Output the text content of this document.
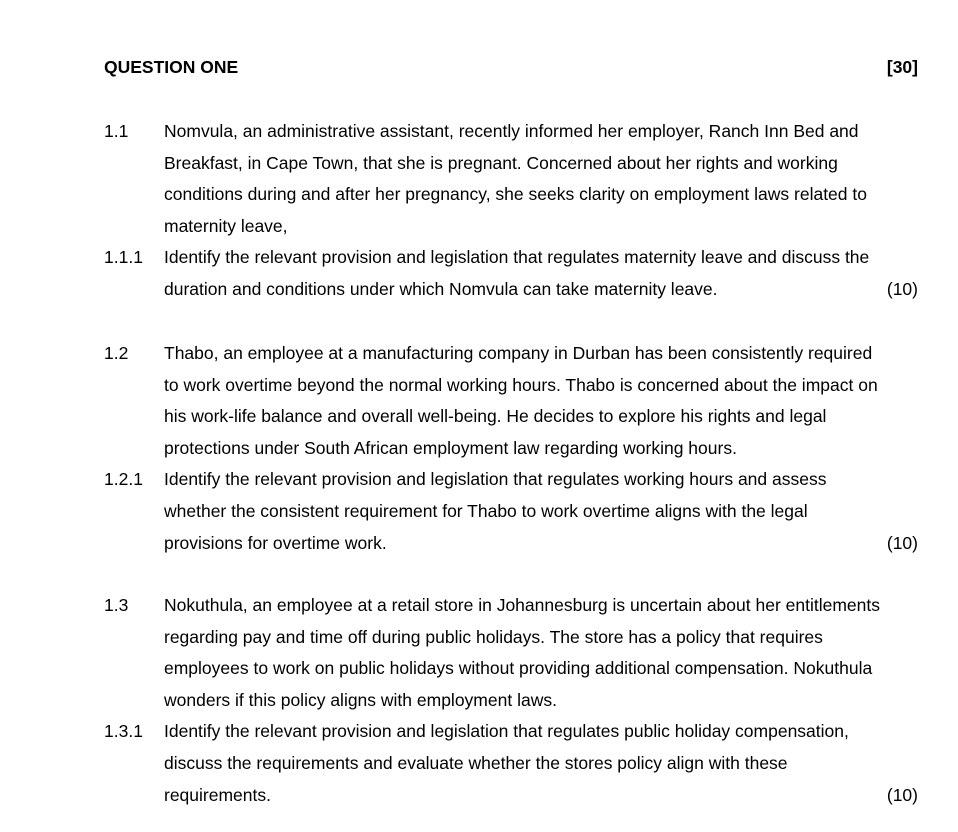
QUESTION ONE	[30]
1.1 Nomvula, an administrative assistant, recently informed her employer, Ranch Inn Bed and
Breakfast, in Cape Town, that she is pregnant. Concerned about her rights and working
conditions during and after her pregnancy, she seeks clarity on employment laws related to
maternity leave,
1.1.1 Identify the relevant provision and legislation that regulates maternity leave and discuss the
duration and conditions under which Nomvula can take maternity leave.	(10)
1.2 Thabo, an employee at a manufacturing company in Durban has been consistently required
to work overtime beyond the normal working hours. Thabo is concerned about the impact on
his work-life balance and overall well-being. He decides to explore his rights and legal
protections under South African employment law regarding working hours.
1.2.1 Identify the relevant provision and legislation that regulates working hours and assess
whether the consistent requirement for Thabo to work overtime aligns with the legal
provisions for overtime work.	(10)
1.3 Nokuthula, an employee at a retail store in Johannesburg is uncertain about her entitlements
regarding pay and time off during public holidays. The store has a policy that requires
employees to work on public holidays without providing additional compensation. Nokuthula
wonders if this policy aligns with employment laws.
1.3.1 Identify the relevant provision and legislation that regulates public holiday compensation,
discuss the requirements and evaluate whether the stores policy align with these
requirements.	(10)
